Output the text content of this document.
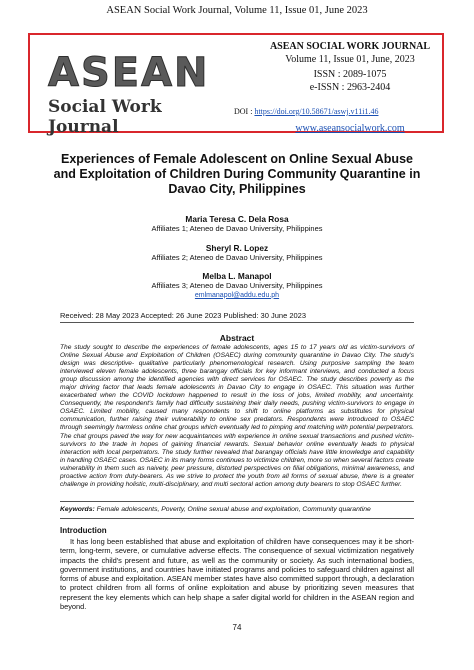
ASEAN Social Work Journal, Volume 11, Issue 01, June 2023
ASEAN
Social Work Journal
ASEAN SOCIAL WORK JOURNAL
Volume 11, Issue 01, June, 2023
ISSN : 2089-1075
e-ISSN : 2963-2404
DOI : https://doi.org/10.58671/aswj.v11i1.46
www.aseansocialwork.com
Experiences of Female Adolescent on Online Sexual Abuse and Exploitation of Children During Community Quarantine in Davao City, Philippines
Maria Teresa C. Dela Rosa
Affiliates 1; Ateneo de Davao University, Philippines
Sheryl R. Lopez
Affiliates 2; Ateneo de Davao University, Philippines
Melba L. Manapol
Affiliates 3; Ateneo de Davao University, Philippines
emlmanapol@addu.edu.ph
Received: 28 May 2023 Accepted: 26 June 2023 Published: 30 June 2023
Abstract

The study sought to describe the experiences of female adolescents, ages 15 to 17 years old as victim-survivors of Online Sexual Abuse and Exploitation of Children (OSAEC) during community quarantine in Davao City. The study's design was descriptive- qualitative particularly phenomenological research. Using purposive sampling the team interviewed eleven female adolescents, three barangay officials for key informant interviews, and conducted a focus group discussion among the identified agencies with direct services for OSAEC. The study describes poverty as the major driving factor that leads female adolescents in Davao City to engage in OSAEC. This situation was further exacerbated when the COVID lockdown happened to result in the loss of jobs, limited mobility, and uncertainty. Consequently, the respondent's family had difficulty sustaining their daily needs, pushing victim-survivors to engage in OSAEC. Limited mobility, caused many respondents to shift to online platforms as substitutes for physical communication, further raising their vulnerability to online sex predators. Respondents were introduced to OSAEC through seemingly harmless online chat groups which eventually led to pimping and matching with potential perpetrators. The chat groups paved the way for new acquaintances with experience in online sexual transactions and pushed victim-survivors to the trade in hopes of gaining financial rewards. Sexual behavior online eventually leads to physical interaction with local perpetrators. The study further revealed that barangay officials have little knowledge and capability in handling OSAEC cases. OSAEC in its many forms continues to victimize children, more so when several factors create vulnerability in them such as naivety, peer pressure, distorted perspectives on filial obligations, minimal awareness, and proactive action from duty-bearers. As we strive to protect the youth from all forms of sexual abuse, there is a greater challenge in providing holistic, multi-disciplinary, and multi sectoral action among duty bearers to stop OSAEC further.

Keywords: Female adolescents, Poverty, Online sexual abuse and exploitation, Community quarantine
Introduction

It has long been established that abuse and exploitation of children have consequences may it be short-term, long-term, severe, or cumulative adverse effects. The consequence of sexual victimization negatively impacts the child's present and future, as well as the community or society. As such international bodies, government institutions, and countries have initiated programs and policies to safeguard children against all forms of abuse and exploitation. ASEAN member states have also committed support through, a declaration to protect children from all forms of online exploitation and abuse by prioritizing seven measures that represent the key elements which can help shape a safer digital world for children in the ASEAN region and beyond.

74
